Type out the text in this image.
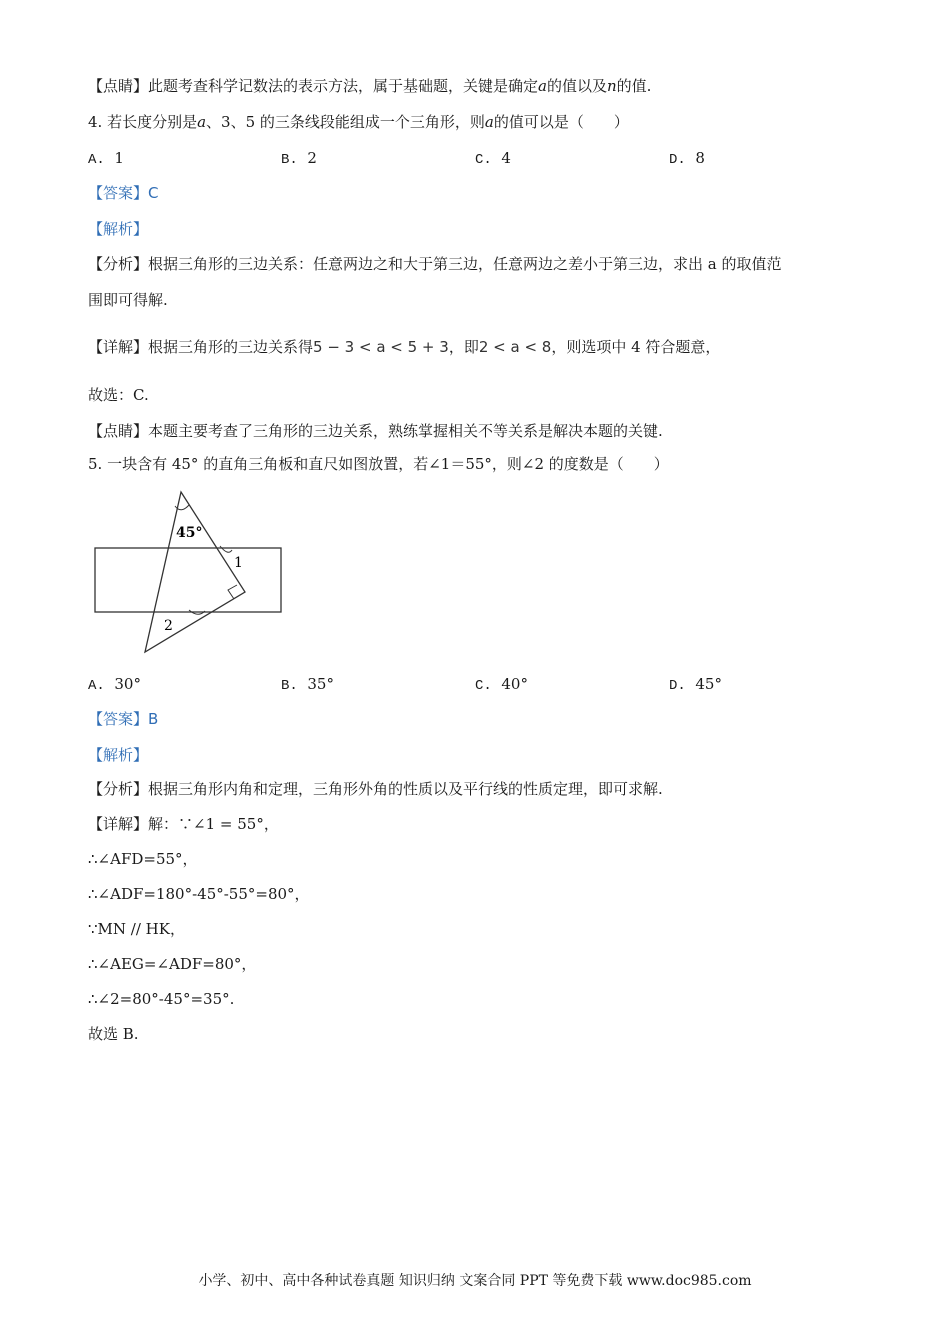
【点睛】此题考查科学记数法的表示方法，属于基础题，关键是确定a的值以及n的值.
4. 若长度分别是a、3、5 的三条线段能组成一个三角形，则a的值可以是（　　）
A. 1	B. 2	C. 4	D. 8
【答案】C
【解析】
【分析】根据三角形的三边关系：任意两边之和大于第三边，任意两边之差小于第三边，求出 a 的取值范
围即可得解.
【详解】根据三角形的三边关系得5 − 3 < a < 5 + 3，即2 < a < 8，则选项中 4 符合题意，
故选：C.
【点睛】本题主要考查了三角形的三边关系，熟练掌握相关不等关系是解决本题的关键.
5. 一块含有 45° 的直角三角板和直尺如图放置，若∠1＝55°，则∠2 的度数是（　　）
45°
1
2
A. 30°	B. 35°	C. 40°	D. 45°
【答案】B
【解析】
【分析】根据三角形内角和定理，三角形外角的性质以及平行线的性质定理，即可求解.
【详解】解：∵∠1 = 55°，
∴∠AFD=55°，
∴∠ADF=180°-45°-55°=80°，
∵MN // HK，
∴∠AEG=∠ADF=80°，
∴∠2=80°-45°=35°.
故选 B.
小学、初中、高中各种试卷真题 知识归纳 文案合同 PPT 等免费下载 www.doc985.com
